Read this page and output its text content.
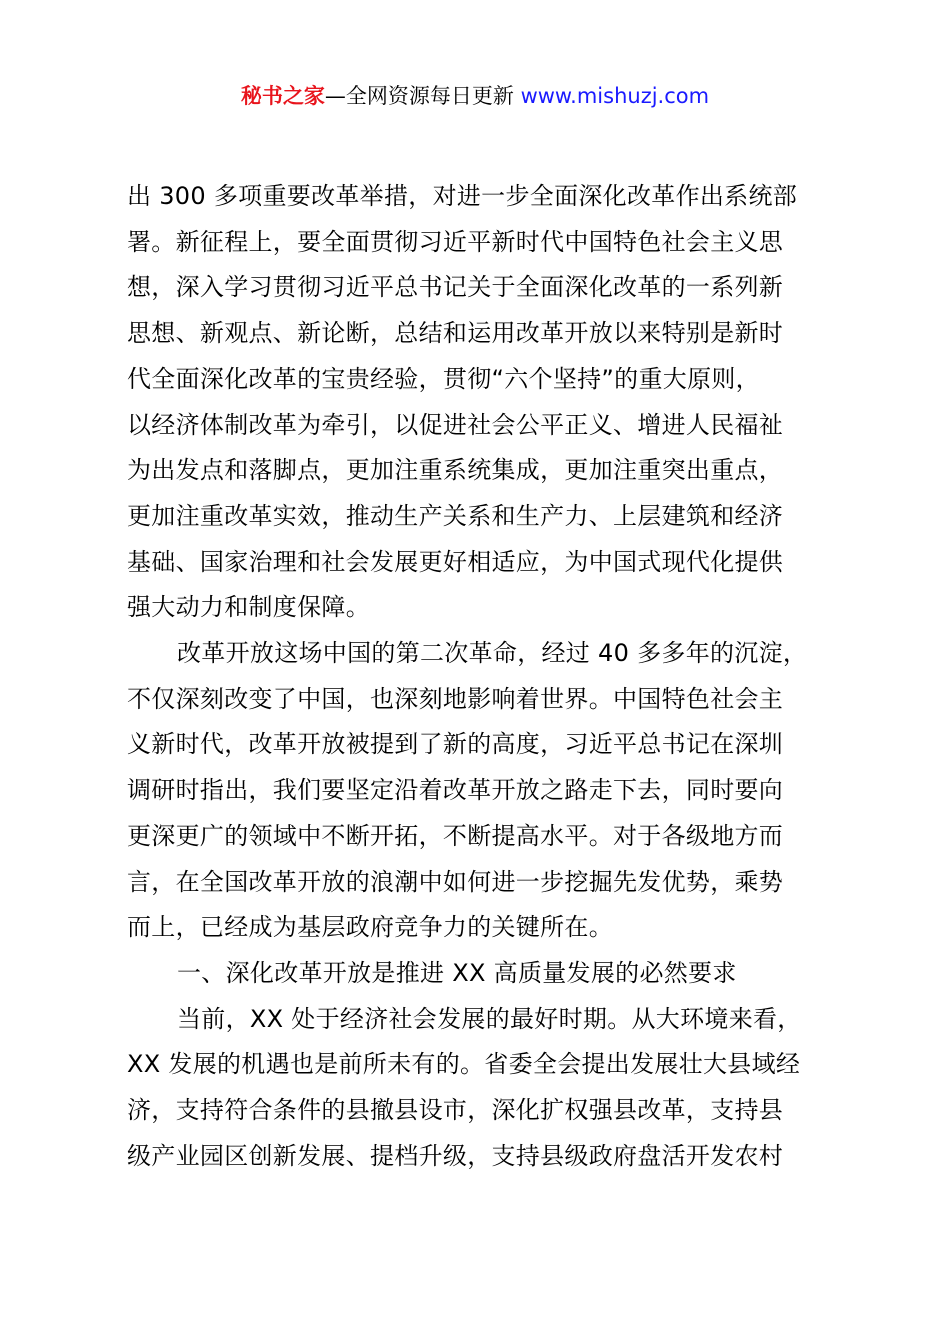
秘书之家—全网资源每日更新 www.mishuzj.com
出 300 多项重要改革举措，对进一步全面深化改革作出系统部
署。新征程上，要全面贯彻习近平新时代中国特色社会主义思
想，深入学习贯彻习近平总书记关于全面深化改革的一系列新
思想、新观点、新论断，总结和运用改革开放以来特别是新时
代全面深化改革的宝贵经验，贯彻“六个坚持”的重大原则，
以经济体制改革为牵引，以促进社会公平正义、增进人民福祉
为出发点和落脚点，更加注重系统集成，更加注重突出重点，
更加注重改革实效，推动生产关系和生产力、上层建筑和经济
基础、国家治理和社会发展更好相适应，为中国式现代化提供
强大动力和制度保障。
改革开放这场中国的第二次革命，经过 40 多多年的沉淀，
不仅深刻改变了中国，也深刻地影响着世界。中国特色社会主
义新时代，改革开放被提到了新的高度，习近平总书记在深圳
调研时指出，我们要坚定沿着改革开放之路走下去，同时要向
更深更广的领域中不断开拓，不断提高水平。对于各级地方而
言，在全国改革开放的浪潮中如何进一步挖掘先发优势，乘势
而上，已经成为基层政府竞争力的关键所在。
一、深化改革开放是推进 XX 高质量发展的必然要求
当前，XX 处于经济社会发展的最好时期。从大环境来看，
XX 发展的机遇也是前所未有的。省委全会提出发展壮大县域经
济，支持符合条件的县撤县设市，深化扩权强县改革，支持县
级产业园区创新发展、提档升级，支持县级政府盘活开发农村
